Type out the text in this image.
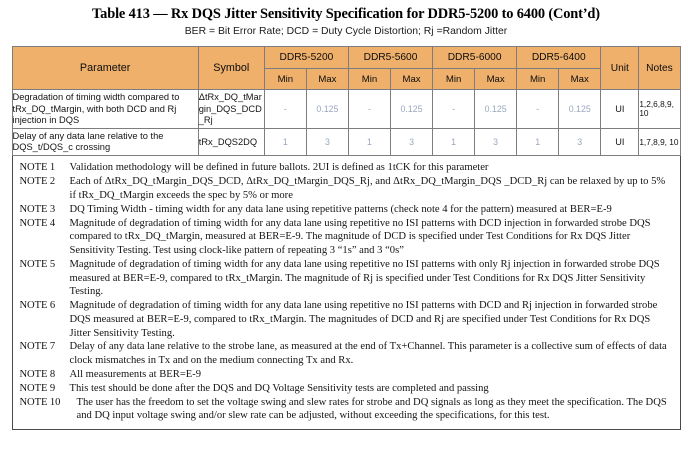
Table 413 — Rx DQS Jitter Sensitivity Specification for DDR5-5200 to 6400 (Cont’d)
BER = Bit Error Rate; DCD = Duty Cycle Distortion; Rj =Random Jitter
Parameter	Symbol	DDR5-5200		DDR5-5600		DDR5-6000		DDR5-6400		Unit	Notes
		Min	Max	Min	Max	Min	Max	Min	Max		
Degradation of timing width compared to tRx_DQ_tMargin, with both DCD and Rj injection in DQS	ΔtRx_DQ_tMargin_DQS_DCD_Rj	-	0.125	-	0.125	-	0.125	-	0.125	UI	1,2,6,8,9, 10
Delay of any data lane relative to the DQS_t/DQS_c crossing	tRx_DQS2DQ	1	3	1	3	1	3	1	3	UI	1,7,8,9, 10
NOTE 1	Validation methodology will be defined in future ballots. 2UI is defined as 1tCK for this parameter
NOTE 2	Each of ΔtRx_DQ_tMargin_DQS_DCD, ΔtRx_DQ_tMargin_DQS_Rj, and ΔtRx_DQ_tMargin_DQS _DCD_Rj can be relaxed by up to 5% if tRx_DQ_tMargin exceeds the spec by 5% or more
NOTE 3	DQ Timing Width - timing width for any data lane using repetitive patterns (check note 4 for the pattern) measured at BER=E-9
NOTE 4	Magnitude of degradation of timing width for any data lane using repetitive no ISI patterns with DCD injection in forwarded strobe DQS compared to tRx_DQ_tMargin, measured at BER=E-9. The magnitude of DCD is specified under Test Conditions for Rx DQS Jitter Sensitivity Testing. Test using clock-like pattern of repeating 3 “1s” and 3 “0s”
NOTE 5	Magnitude of degradation of timing width for any data lane using repetitive no ISI patterns with only Rj injection in forwarded strobe DQS measured at BER=E-9, compared to tRx_tMargin. The magnitude of Rj is specified under Test Conditions for Rx DQS Jitter Sensitivity Testing.
NOTE 6	Magnitude of degradation of timing width for any data lane using repetitive no ISI patterns with DCD and Rj injection in forwarded strobe DQS measured at BER=E-9, compared to tRx_tMargin. The magnitudes of DCD and Rj are specified under Test Conditions for Rx DQS Jitter Sensitivity Testing.
NOTE 7	Delay of any data lane relative to the strobe lane, as measured at the end of Tx+Channel. This parameter is a collective sum of effects of data clock mismatches in Tx and on the medium connecting Tx and Rx.
NOTE 8	All measurements at BER=E-9
NOTE 9	This test should be done after the DQS and DQ Voltage Sensitivity tests are completed and passing
NOTE 10	The user has the freedom to set the voltage swing and slew rates for strobe and DQ signals as long as they meet the specification. The DQS and DQ input voltage swing and/or slew rate can be adjusted, without exceeding the specifications, for this test.
